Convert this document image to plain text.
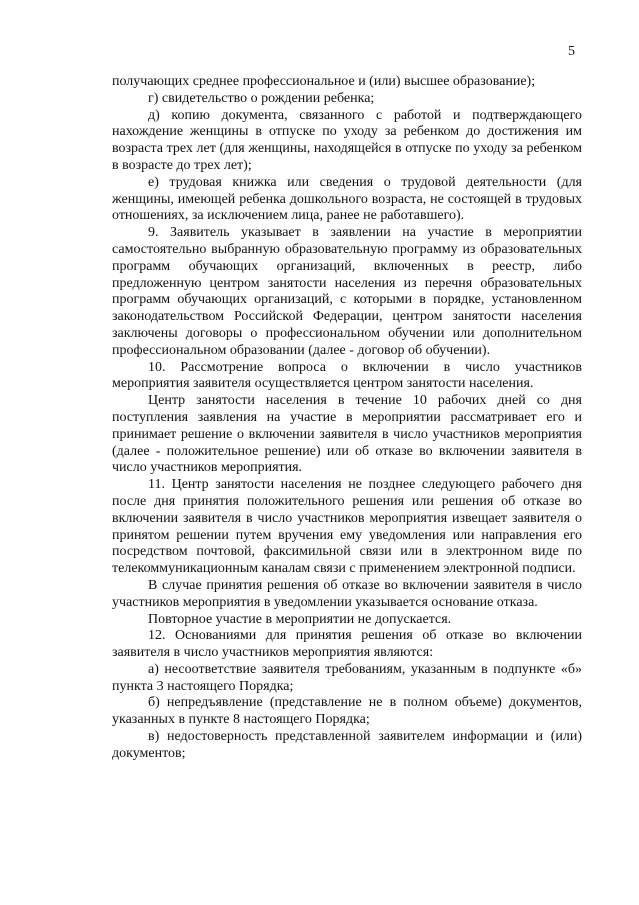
5

получающих среднее профессиональное и (или) высшее образование);

г) свидетельство о рождении ребенка;

д) копию документа, связанного с работой и подтверждающего нахождение женщины в отпуске по уходу за ребенком до достижения им возраста трех лет (для женщины, находящейся в отпуске по уходу за ребенком в возрасте до трех лет);

е) трудовая книжка или сведения о трудовой деятельности (для женщины, имеющей ребенка дошкольного возраста, не состоящей в трудовых отношениях, за исключением лица, ранее не работавшего).

9. Заявитель указывает в заявлении на участие в мероприятии самостоятельно выбранную образовательную программу из образовательных программ обучающих организаций, включенных в реестр, либо предложенную центром занятости населения из перечня образовательных программ обучающих организаций, с которыми в порядке, установленном законодательством Российской Федерации, центром занятости населения заключены договоры о профессиональном обучении или дополнительном профессиональном образовании (далее - договор об обучении).

10. Рассмотрение вопроса о включении в число участников мероприятия заявителя осуществляется центром занятости населения.

Центр занятости населения в течение 10 рабочих дней со дня поступления заявления на участие в мероприятии рассматривает его и принимает решение о включении заявителя в число участников мероприятия (далее - положительное решение) или об отказе во включении заявителя в число участников мероприятия.

11. Центр занятости населения не позднее следующего рабочего дня после дня принятия положительного решения или решения об отказе во включении заявителя в число участников мероприятия извещает заявителя о принятом решении путем вручения ему уведомления или направления его посредством почтовой, факсимильной связи или в электронном виде по телекоммуникационным каналам связи с применением электронной подписи.

В случае принятия решения об отказе во включении заявителя в число участников мероприятия в уведомлении указывается основание отказа.

Повторное участие в мероприятии не допускается.

12. Основаниями для принятия решения об отказе во включении заявителя в число участников мероприятия являются:

а) несоответствие заявителя требованиям, указанным в подпункте «б» пункта 3 настоящего Порядка;

б) непредъявление (представление не в полном объеме) документов, указанных в пункте 8 настоящего Порядка;

в) недостоверность представленной заявителем информации и (или) документов;
